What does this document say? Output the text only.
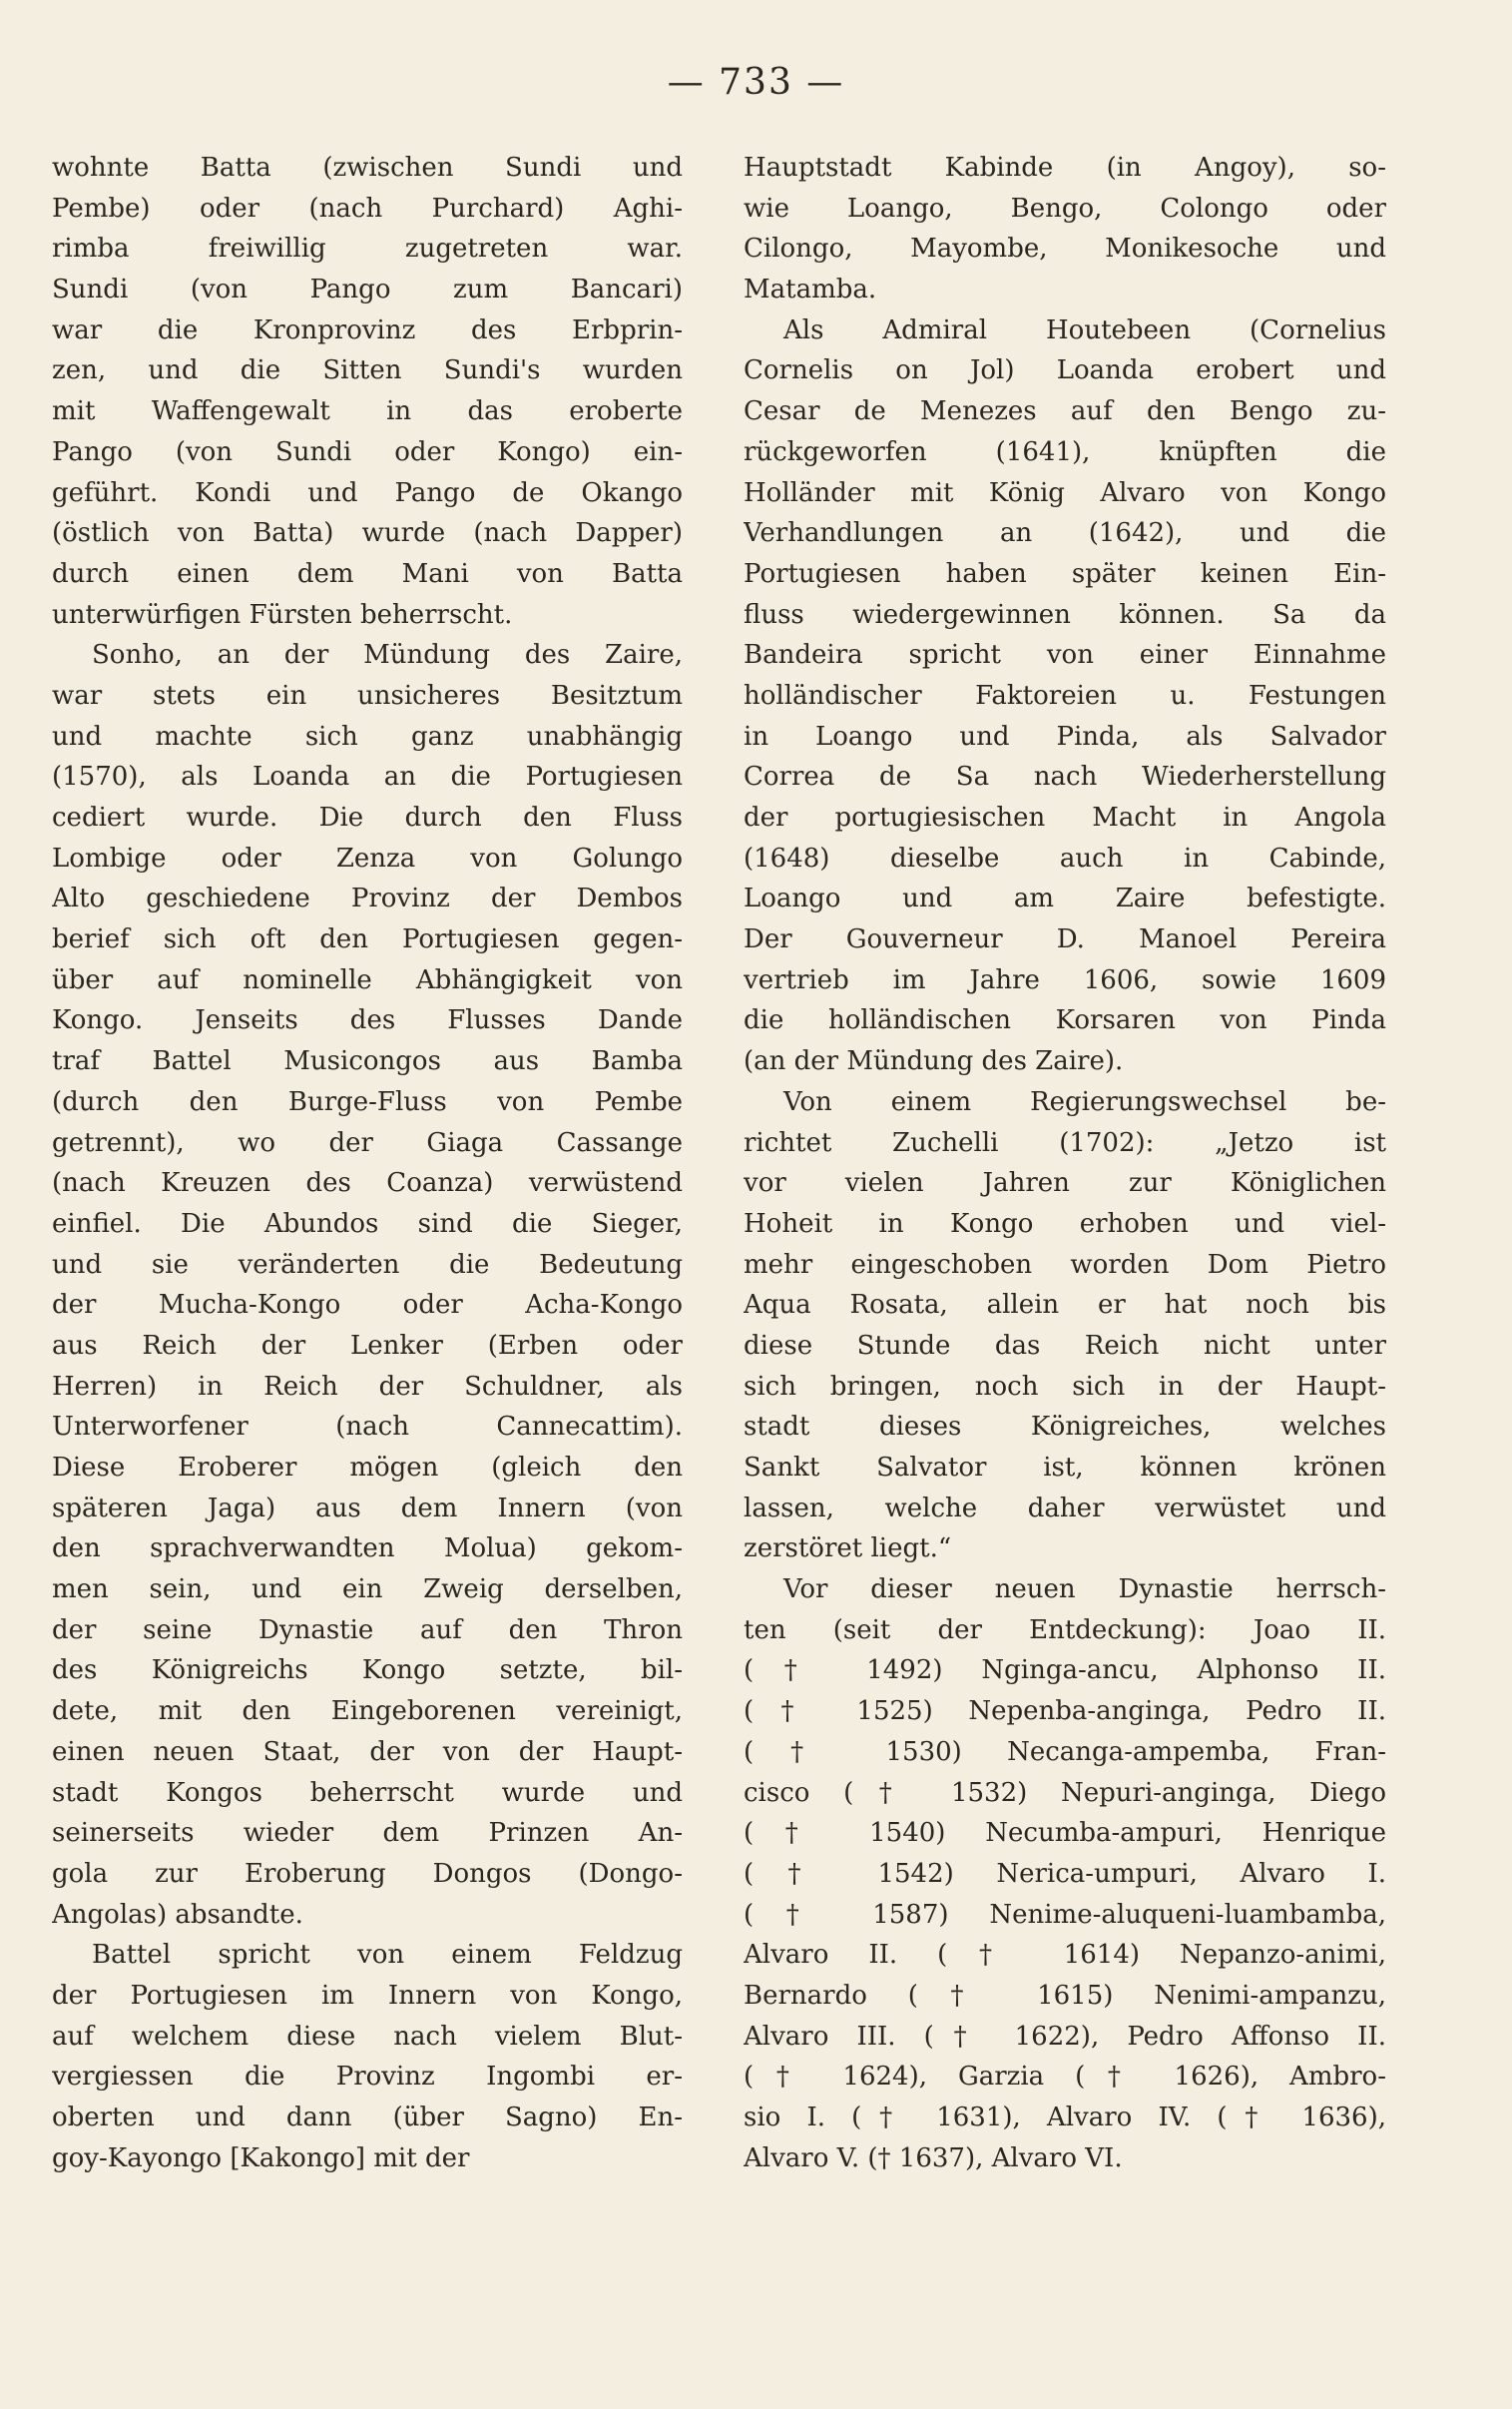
— 733 —
wohnte Batta (zwischen Sundi und
Pembe) oder (nach Purchard) Aghi-
rimba freiwillig zugetreten war.
Sundi (von Pango zum Bancari)
war die Kronprovinz des Erbprin-
zen, und die Sitten Sundi's wurden
mit Waffengewalt in das eroberte
Pango (von Sundi oder Kongo) ein-
geführt. Kondi und Pango de Okango
(östlich von Batta) wurde (nach Dapper)
durch einen dem Mani von Batta
unterwürfigen Fürsten beherrscht.
Sonho, an der Mündung des Zaire,
war stets ein unsicheres Besitztum
und machte sich ganz unabhängig
(1570), als Loanda an die Portugiesen
cediert wurde. Die durch den Fluss
Lombige oder Zenza von Golungo
Alto geschiedene Provinz der Dembos
berief sich oft den Portugiesen gegen-
über auf nominelle Abhängigkeit von
Kongo. Jenseits des Flusses Dande
traf Battel Musicongos aus Bamba
(durch den Burge-Fluss von Pembe
getrennt), wo der Giaga Cassange
(nach Kreuzen des Coanza) verwüstend
einfiel. Die Abundos sind die Sieger,
und sie veränderten die Bedeutung
der Mucha-Kongo oder Acha-Kongo
aus Reich der Lenker (Erben oder
Herren) in Reich der Schuldner, als
Unterworfener (nach Cannecattim).
Diese Eroberer mögen (gleich den
späteren Jaga) aus dem Innern (von
den sprachverwandten Molua) gekom-
men sein, und ein Zweig derselben,
der seine Dynastie auf den Thron
des Königreichs Kongo setzte, bil-
dete, mit den Eingeborenen vereinigt,
einen neuen Staat, der von der Haupt-
stadt Kongos beherrscht wurde und
seinerseits wieder dem Prinzen An-
gola zur Eroberung Dongos (Dongo-
Angolas) absandte.
Battel spricht von einem Feldzug
der Portugiesen im Innern von Kongo,
auf welchem diese nach vielem Blut-
vergiessen die Provinz Ingombi er-
oberten und dann (über Sagno) En-
goy-Kayongo [Kakongo] mit der
Hauptstadt Kabinde (in Angoy), so-
wie Loango, Bengo, Colongo oder
Cilongo, Mayombe, Monikesoche und
Matamba.
Als Admiral Houtebeen (Cornelius
Cornelis on Jol) Loanda erobert und
Cesar de Menezes auf den Bengo zu-
rückgeworfen (1641), knüpften die
Holländer mit König Alvaro von Kongo
Verhandlungen an (1642), und die
Portugiesen haben später keinen Ein-
fluss wiedergewinnen können. Sa da
Bandeira spricht von einer Einnahme
holländischer Faktoreien u. Festungen
in Loango und Pinda, als Salvador
Correa de Sa nach Wiederherstellung
der portugiesischen Macht in Angola
(1648) dieselbe auch in Cabinde,
Loango und am Zaire befestigte.
Der Gouverneur D. Manoel Pereira
vertrieb im Jahre 1606, sowie 1609
die holländischen Korsaren von Pinda
(an der Mündung des Zaire).
Von einem Regierungswechsel be-
richtet Zuchelli (1702): „Jetzo ist
vor vielen Jahren zur Königlichen
Hoheit in Kongo erhoben und viel-
mehr eingeschoben worden Dom Pietro
Aqua Rosata, allein er hat noch bis
diese Stunde das Reich nicht unter
sich bringen, noch sich in der Haupt-
stadt dieses Königreiches, welches
Sankt Salvator ist, können krönen
lassen, welche daher verwüstet und
zerstöret liegt.“
Vor dieser neuen Dynastie herrsch-
ten (seit der Entdeckung): Joao II.
(† 1492) Nginga-ancu, Alphonso II.
(† 1525) Nepenba-anginga, Pedro II.
(† 1530) Necanga-ampemba, Fran-
cisco († 1532) Nepuri-anginga, Diego
(† 1540) Necumba-ampuri, Henrique
(† 1542) Nerica-umpuri, Alvaro I.
(† 1587) Nenime-aluqueni-luambamba,
Alvaro II. († 1614) Nepanzo-animi,
Bernardo († 1615) Nenimi-ampanzu,
Alvaro III. († 1622), Pedro Affonso II.
(† 1624), Garzia († 1626), Ambro-
sio I. († 1631), Alvaro IV. († 1636),
Alvaro V. († 1637), Alvaro VI.
